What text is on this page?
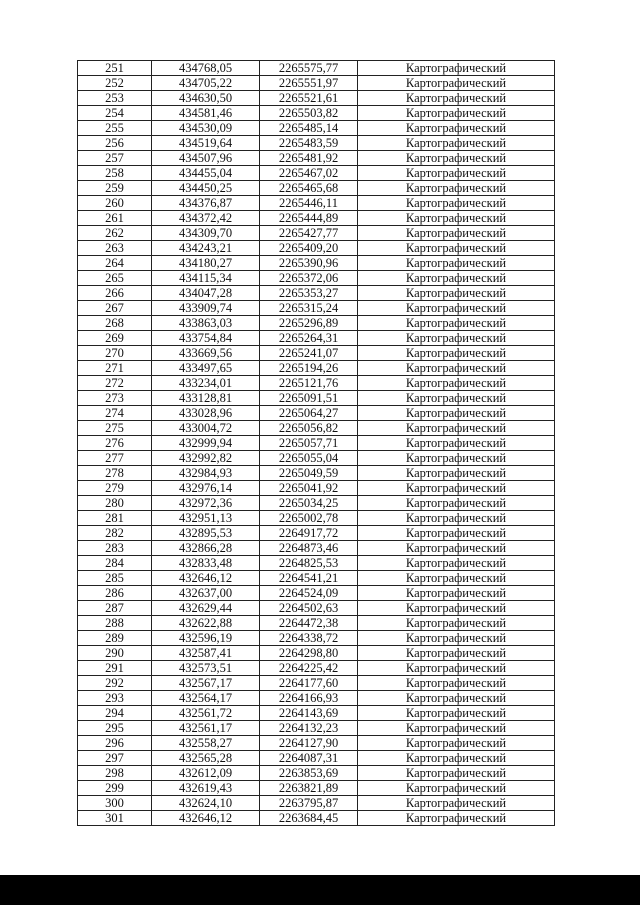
251	434768,05	2265575,77	Картографический
252	434705,22	2265551,97	Картографический
253	434630,50	2265521,61	Картографический
254	434581,46	2265503,82	Картографический
255	434530,09	2265485,14	Картографический
256	434519,64	2265483,59	Картографический
257	434507,96	2265481,92	Картографический
258	434455,04	2265467,02	Картографический
259	434450,25	2265465,68	Картографический
260	434376,87	2265446,11	Картографический
261	434372,42	2265444,89	Картографический
262	434309,70	2265427,77	Картографический
263	434243,21	2265409,20	Картографический
264	434180,27	2265390,96	Картографический
265	434115,34	2265372,06	Картографический
266	434047,28	2265353,27	Картографический
267	433909,74	2265315,24	Картографический
268	433863,03	2265296,89	Картографический
269	433754,84	2265264,31	Картографический
270	433669,56	2265241,07	Картографический
271	433497,65	2265194,26	Картографический
272	433234,01	2265121,76	Картографический
273	433128,81	2265091,51	Картографический
274	433028,96	2265064,27	Картографический
275	433004,72	2265056,82	Картографический
276	432999,94	2265057,71	Картографический
277	432992,82	2265055,04	Картографический
278	432984,93	2265049,59	Картографический
279	432976,14	2265041,92	Картографический
280	432972,36	2265034,25	Картографический
281	432951,13	2265002,78	Картографический
282	432895,53	2264917,72	Картографический
283	432866,28	2264873,46	Картографический
284	432833,48	2264825,53	Картографический
285	432646,12	2264541,21	Картографический
286	432637,00	2264524,09	Картографический
287	432629,44	2264502,63	Картографический
288	432622,88	2264472,38	Картографический
289	432596,19	2264338,72	Картографический
290	432587,41	2264298,80	Картографический
291	432573,51	2264225,42	Картографический
292	432567,17	2264177,60	Картографический
293	432564,17	2264166,93	Картографический
294	432561,72	2264143,69	Картографический
295	432561,17	2264132,23	Картографический
296	432558,27	2264127,90	Картографический
297	432565,28	2264087,31	Картографический
298	432612,09	2263853,69	Картографический
299	432619,43	2263821,89	Картографический
300	432624,10	2263795,87	Картографический
301	432646,12	2263684,45	Картографический
